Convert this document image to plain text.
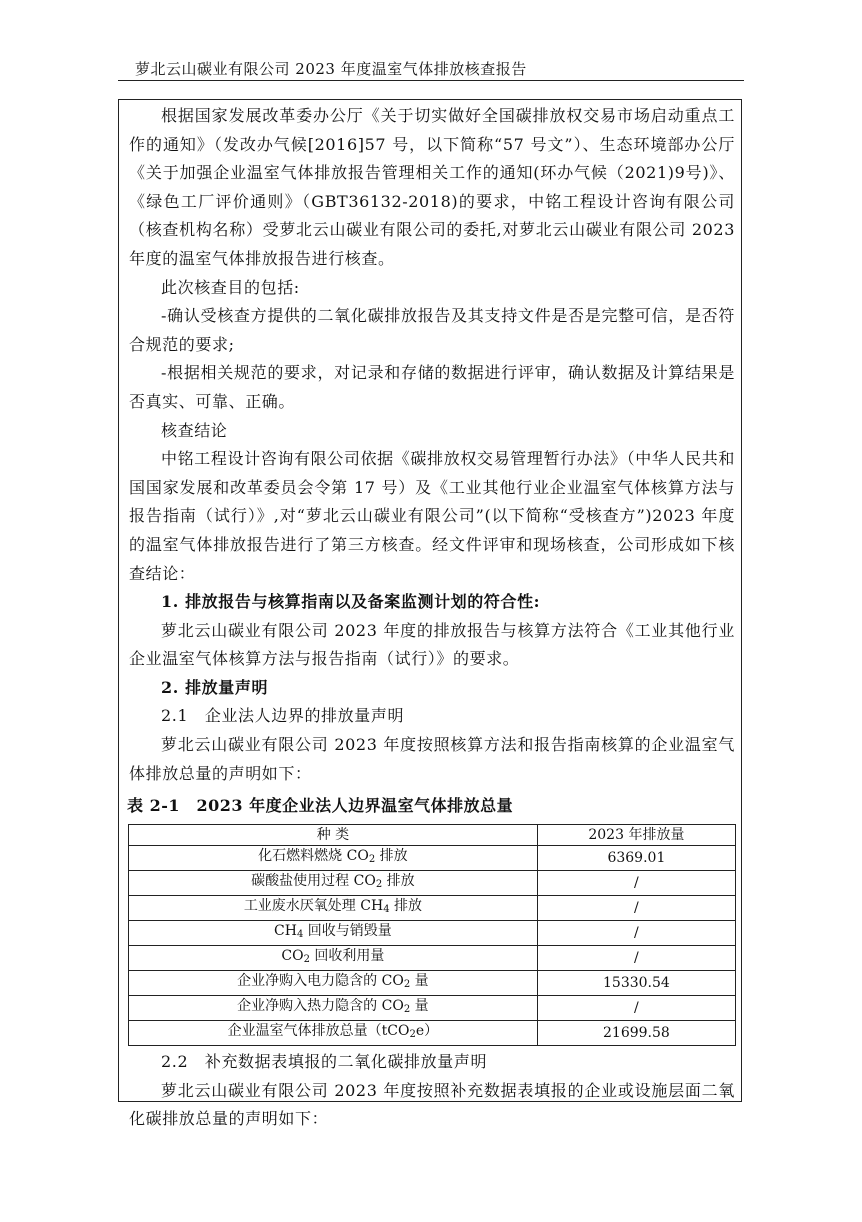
萝北云山碳业有限公司 2023 年度温室气体排放核查报告

根据国家发展改革委办公厅《关于切实做好全国碳排放权交易市场启动重点工作的通知》（发改办气候[2016]57 号，以下简称“57 号文”）、生态环境部办公厅《关于加强企业温室气体排放报告管理相关工作的通知(环办气候（2021)9号)》、《绿色工厂评价通则》（GBT36132-2018)的要求，中铭工程设计咨询有限公司（核查机构名称）受萝北云山碳业有限公司的委托,对萝北云山碳业有限公司 2023 年度的温室气体排放报告进行核查。

此次核查目的包括:

-确认受核查方提供的二氧化碳排放报告及其支持文件是否是完整可信，是否符合规范的要求;

-根据相关规范的要求，对记录和存储的数据进行评审，确认数据及计算结果是否真实、可靠、正确。

核查结论

中铭工程设计咨询有限公司依据《碳排放权交易管理暂行办法》（中华人民共和国国家发展和改革委员会令第 17 号）及《工业其他行业企业温室气体核算方法与报告指南（试行）》,对“萝北云山碳业有限公司”(以下简称“受核查方”)2023 年度的温室气体排放报告进行了第三方核查。经文件评审和现场核查，公司形成如下核查结论：

1. 排放报告与核算指南以及备案监测计划的符合性:

萝北云山碳业有限公司 2023 年度的排放报告与核算方法符合《工业其他行业企业温室气体核算方法与报告指南（试行）》的要求。

2. 排放量声明

2.1　企业法人边界的排放量声明

萝北云山碳业有限公司 2023 年度按照核算方法和报告指南核算的企业温室气体排放总量的声明如下：

表 2-1　2023 年度企业法人边界温室气体排放总量
种 类	2023 年排放量
化石燃料燃烧 $CO_2$ 排放	6369.01
碳酸盐使用过程 $CO_2$ 排放	/
工业废水厌氧处理 $CH_4$ 排放	/
$CH_4$ 回收与销毁量	/
$CO_2$ 回收利用量	/
企业净购入电力隐含的 $CO_2$ 量	15330.54
企业净购入热力隐含的 $CO_2$ 量	/
企业温室气体排放总量（tCO$_2$e）	21699.58

2.2　补充数据表填报的二氧化碳排放量声明

萝北云山碳业有限公司 2023 年度按照补充数据表填报的企业或设施层面二氧化碳排放总量的声明如下：
